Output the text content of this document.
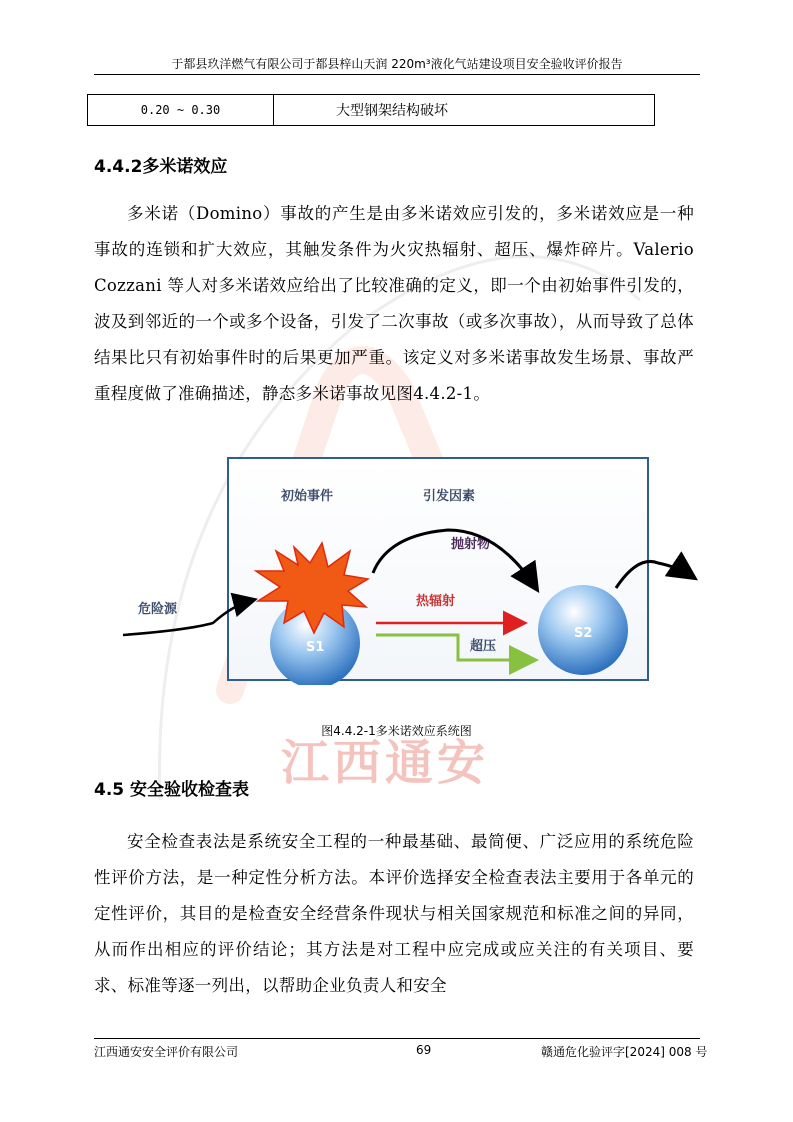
于都县玖洋燃气有限公司于都县梓山天润 220m³液化气站建设项目安全验收评价报告
0.20 ~ 0.30	大型钢架结构破坏
4.4.2多米诺效应

多米诺（Domino）事故的产生是由多米诺效应引发的，多米诺效应是一种事故的连锁和扩大效应，其触发条件为火灾热辐射、超压、爆炸碎片。Valerio Cozzani 等人对多米诺效应给出了比较准确的定义，即一个由初始事件引发的，波及到邻近的一个或多个设备，引发了二次事故（或多次事故），从而导致了总体结果比只有初始事件时的后果更加严重。该定义对多米诺事故发生场景、事故严重程度做了准确描述，静态多米诺事故见图4.4.2-1。

初始事件	引发因素
危险源
抛射物
热辐射
超压
S1
S2
江西通安
图4.4.2-1多米诺效应系统图
4.5 安全验收检查表

安全检查表法是系统安全工程的一种最基础、最简便、广泛应用的系统危险性评价方法，是一种定性分析方法。本评价选择安全检查表法主要用于各单元的定性评价，其目的是检查安全经营条件现状与相关国家规范和标准之间的异同，从而作出相应的评价结论；其方法是对工程中应完成或应关注的有关项目、要求、标准等逐一列出，以帮助企业负责人和安全

江西通安安全评价有限公司	69	赣通危化验评字[2024] 008 号
